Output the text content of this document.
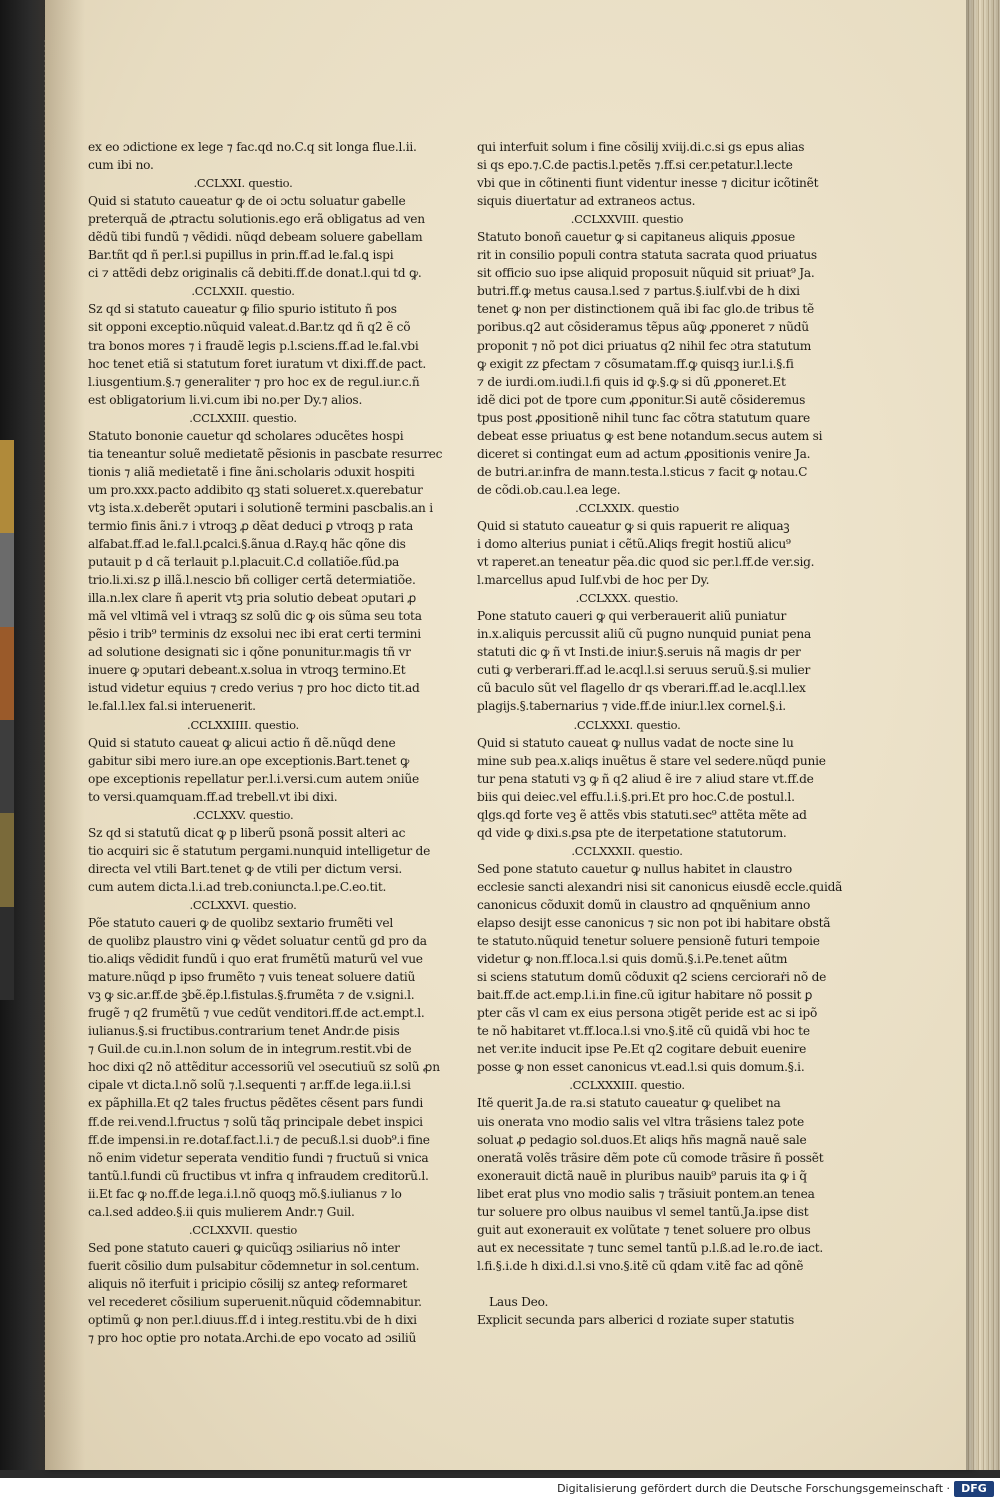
ex eo ɔdictione ex lege ⁊ fac.qd no.C.q sit longa flue.l.ii.
cum ibi no.
.CCLXXI. questio.
Quid si statuto caueatur ꝙ de oi ɔctu soluatur gabelle
preterquã de ꝓtractu solutionis.ego erã obligatus ad ven
dẽdũ tibi fundũ ⁊ vẽdidi. nũqd debeam soluere gabellam
Bar.tñt qd ñ per.l.si pupillus in prin.ff.ad le.fal.ꝗ ispi
ci ⁊ attẽdi debz originalis cã debiti.ff.de donat.l.qui td ꝙ.
.CCLXXII. questio.
Sz qd si statuto caueatur ꝙ filio spurio istituto ñ pos
sit opponi exceptio.nũquid valeat.d.Bar.tz qd ñ q2 ẽ cõ
tra bonos mores ⁊ i fraudẽ legis p.l.sciens.ff.ad le.fal.vbi
hoc tenet etiã si statutum foret iuratum vt dixi.ff.de pact.
l.iusgentium.§.⁊ generaliter ⁊ pro hoc ex de regul.iur.c.ñ
est obligatorium li.vi.cum ibi no.per Dy.⁊ alios.
.CCLXXIII. questio.
Statuto bononie cauetur qd scholares ɔducẽtes hospi
tia teneantur soluẽ medietatẽ pẽsionis in pascbate resurrec
tionis ⁊ aliã medietatẽ i fine ãni.scholaris ɔduxit hospiti
um pro.xxx.pacto addibito qꝫ stati solueret.x.querebatur
vtꝫ ista.x.deberẽt ɔputari i solutionẽ termini pascbalis.an i
termio finis ãni.⁊ i vtroqꝫ ꝓ dẽat deduci ꝑ vtroqꝫ p rata
alfabat.ff.ad le.fal.l.ꝑcalci.§.ãnua d.Ray.q hãc qõne dis
putauit p d cã terlauit p.l.placuit.C.d collatiõe.fũd.pa
trio.li.xi.sz ꝑ illã.l.nescio bñ colliger certã determiatiõe.
illa.n.lex clare ñ aperit vtꝫ pria solutio debeat ɔputari ꝓ
mã vel vltimã vel i vtraqꝫ sz solũ dic ꝙ ois sũma seu tota
pẽsio i trib⁹ terminis dz exsolui nec ibi erat certi termini
ad solutione designati sic i qõne ponunitur.magis tñ vr
inuere ꝙ ɔputari debeant.x.solua in vtroqꝫ termino.Et
istud videtur equius ⁊ credo verius ⁊ pro hoc dicto tit.ad
le.fal.l.lex fal.si interuenerit.
.CCLXXIIII. questio.
Quid si statuto caueat ꝙ alicui actio ñ dẽ.nũqd dene
gabitur sibi mero iure.an ope exceptionis.Bart.tenet ꝙ
ope exceptionis repellatur per.l.i.versi.cum autem ɔniũe
to versi.quamquam.ff.ad trebell.vt ibi dixi.
.CCLXXV. questio.
Sz qd si statutũ dicat ꝙ p liberũ psonã possit alteri ac
tio acquiri sic ẽ statutum pergami.nunquid intelligetur de
directa vel vtili Bart.tenet ꝙ de vtili per dictum versi.
cum autem dicta.l.i.ad treb.coniuncta.l.pe.C.eo.tit.
.CCLXXVI. questio.
Põe statuto caueri ꝙ de quolibz sextario frumẽti vel
de quolibz plaustro vini ꝙ vẽdet soluatur centũ gd pro da
tio.aliqs vẽdidit fundũ i quo erat frumẽtũ maturũ vel vue
mature.nũqd p ipso frumẽto ⁊ vuis teneat soluere datiũ
vꝫ ꝙ sic.ar.ff.de ꝫbẽ.ẽp.l.fistulas.§.frumẽta ⁊ de v.signi.l.
frugẽ ⁊ q2 frumẽtũ ⁊ vue cedũt venditori.ff.de act.empt.l.
iulianus.§.si fructibus.contrarium tenet Andr.de pisis
⁊ Guil.de cu.in.l.non solum de in integrum.restit.vbi de
hoc dixi q2 nõ attẽditur accessoriũ vel ɔsecutiuũ sz solũ ꝓn
cipale vt dicta.l.nõ solũ ⁊.l.sequenti ⁊ ar.ff.de lega.ii.l.si
ex pãphilla.Et q2 tales fructus pẽdẽtes cẽsent pars fundi
ff.de rei.vend.l.fructus ⁊ solũ tãq principale debet inspici
ff.de impensi.in re.dotaf.fact.l.i.⁊ de pecuß.l.si duob⁹.i fine
nõ enim videtur seperata venditio fundi ⁊ fructuũ si vnica
tantũ.l.fundi cũ fructibus vt infra q infraudem creditorũ.l.
ii.Et fac ꝙ no.ff.de lega.i.l.nõ quoqꝫ mõ.§.iulianus ⁊ lo
ca.l.sed addeo.§.ii quis mulierem Andr.⁊ Guil.
.CCLXXVII. questio
Sed pone statuto caueri ꝙ quicũqꝫ ɔsiliarius nõ inter
fuerit cõsilio dum pulsabitur cõdemnetur in sol.centum.
aliquis nõ iterfuit i pricipio cõsilij sz anteꝙ reformaret
vel recederet cõsilium superuenit.nũquid cõdemnabitur.
optimũ ꝙ non per.l.diuus.ff.d i integ.restitu.vbi de h dixi
⁊ pro hoc optie pro notata.Archi.de epo vocato ad ɔsiliũ
qui interfuit solum i fine cõsilij xviij.di.c.si gs epus alias
si qs epo.⁊.C.de pactis.l.petẽs ⁊.ff.si cer.petatur.l.lecte
vbi que in cõtinenti fiunt videntur inesse ⁊ dicitur icõtinẽt
siquis diuertatur ad extraneos actus.
.CCLXXVIII. questio
Statuto bonoñ cauetur ꝙ si capitaneus aliquis ꝓposue
rit in consilio populi contra statuta sacrata quod priuatus
sit officio suo ipse aliquid proposuit nũquid sit priuat⁹ Ja.
butri.ff.ꝙ metus causa.l.sed ⁊ partus.§.iulf.vbi de h dixi
tenet ꝙ non per distinctionem quã ibi fac glo.de tribus tẽ
poribus.q2 aut cõsideramus tẽpus aũꝙ ꝓponeret ⁊ nũdũ
proponit ⁊ nõ pot dici priuatus q2 nihil fec ɔtra statutum
ꝙ exigit zz ꝑfectam ⁊ cõsumatam.ff.ꝙ quisqꝫ iur.l.i.§.fi
⁊ de iurdi.om.iudi.l.fi quis id ꝙ.§.ꝙ si dũ ꝓponeret.Et
idẽ dici pot de tpore cum ꝓponitur.Si autẽ cõsideremus
tpus post ꝓpositionẽ nihil tunc fac cõtra statutum quare
debeat esse priuatus ꝙ est bene notandum.secus autem si
diceret si contingat eum ad actum ꝓpositionis venire Ja.
de butri.ar.infra de mann.testa.l.sticus ⁊ facit ꝙ notau.C
de cõdi.ob.cau.l.ea lege.
.CCLXXIX. questio
Quid si statuto caueatur ꝙ si quis rapuerit re aliquaꝫ
i domo alterius puniat i cẽtũ.Aliqs fregit hostiũ alicu⁹
vt raperet.an teneatur pẽa.dic quod sic per.l.ff.de ver.sig.
l.marcellus apud Iulf.vbi de hoc per Dy.
.CCLXXX. questio.
Pone statuto caueri ꝙ qui verberauerit aliũ puniatur
in.x.aliquis percussit aliũ cũ pugno nunquid puniat pena
statuti dic ꝙ ñ vt Insti.de iniur.§.seruis nã magis dr per
cuti ꝙ verberari.ff.ad le.acql.l.si seruus seruũ.§.si mulier
cũ baculo sũt vel flagello dr qs vberari.ff.ad le.acql.l.lex
plagijs.§.tabernarius ⁊ vide.ff.de iniur.l.lex cornel.§.i.
.CCLXXXI. questio.
Quid si statuto caueat ꝙ nullus vadat de nocte sine lu
mine sub pea.x.aliqs inuẽtus ẽ stare vel sedere.nũqd punie
tur pena statuti vꝫ ꝙ ñ q2 aliud ẽ ire ⁊ aliud stare vt.ff.de
biis qui deiec.vel effu.l.i.§.pri.Et pro hoc.C.de postul.l.
qlgs.qd forte veꝫ ẽ attẽs vbis statuti.sec⁹ attẽta mẽte ad
qd vide ꝙ dixi.s.ꝑsa pte de iterpetatione statutorum.
.CCLXXXII. questio.
Sed pone statuto cauetur ꝙ nullus habitet in claustro
ecclesie sancti alexandri nisi sit canonicus eiusdẽ eccle.quidã
canonicus cõduxit domũ in claustro ad qnquẽnium anno
elapso desijt esse canonicus ⁊ sic non pot ibi habitare obstã
te statuto.nũquid tenetur soluere pensionẽ futuri tempoie
videtur ꝙ non.ff.loca.l.si quis domũ.§.i.Pe.tenet aũtm
si sciens statutum domũ cõduxit q2 sciens cercioraṙi nõ de
bait.ff.de act.emp.l.i.in fine.cũ igitur habitare nõ possit ꝑ
pter cãs vl cam ex eius persona ɔtigẽt peride est ac si ipõ
te nõ habitaret vt.ff.loca.l.si vno.§.itẽ cũ quidã vbi hoc te
net ver.ite inducit ipse Pe.Et q2 cogitare debuit euenire
posse ꝙ non esset canonicus vt.ead.l.si quis domum.§.i.
.CCLXXXIII. questio.
Itẽ querit Ja.de ra.si statuto caueatur ꝙ quelibet na
uis onerata vno modio salis vel vltra trãsiens talez pote
soluat ꝓ pedagio sol.duos.Et aliqs hñs magnã nauẽ sale
oneratã volẽs trãsire dẽm pote cũ comode trãsire ñ possẽt
exonerauit dictã nauẽ in pluribus nauib⁹ paruis ita ꝙ i q̃
libet erat plus vno modio salis ⁊ trãsiuit pontem.an tenea
tur soluere pro olbus nauibus vl semel tantũ.Ja.ipse dist
guit aut exonerauit ex volũtate ⁊ tenet soluere pro olbus
aut ex necessitate ⁊ tunc semel tantũ p.l.ß.ad le.ro.de iact.
l.fi.§.i.de h dixi.d.l.si vno.§.itẽ cũ qdam v.itẽ fac ad qõnẽ
Laus Deo.
Explicit secunda pars alberici d roziate super statutis
Digitalisierung gefördert durch die Deutsche Forschungsgemeinschaft ·	DFG
